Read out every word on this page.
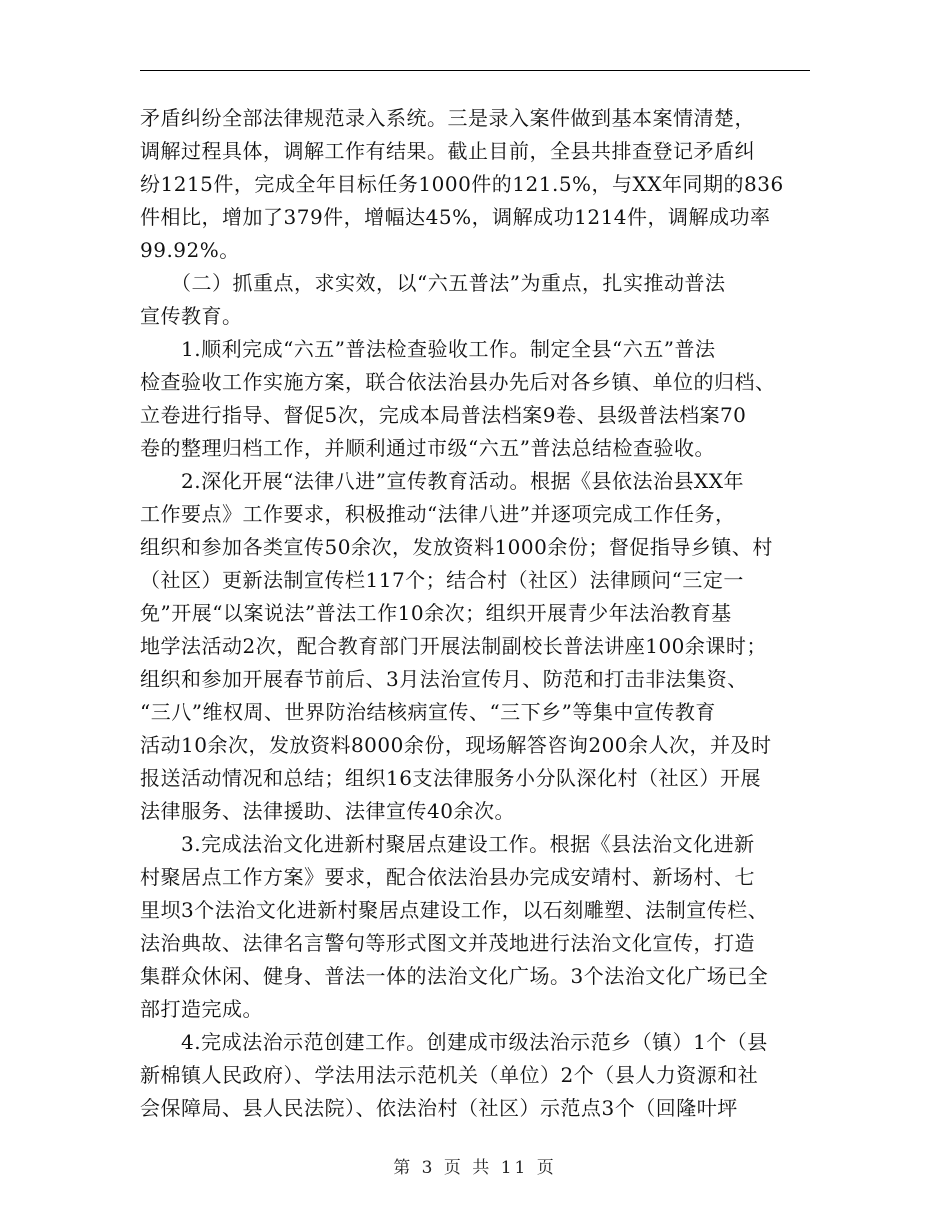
矛盾纠纷全部法律规范录入系统。三是录入案件做到基本案情清楚，
调解过程具体，调解工作有结果。截止目前，全县共排查登记矛盾纠
纷1215件，完成全年目标任务1000件的121.5%，与XX年同期的836
件相比，增加了379件，增幅达45%，调解成功1214件，调解成功率
99.92%。

　　（二）抓重点，求实效，以“六五普法”为重点，扎实推动普法
宣传教育。

　　1.顺利完成“六五”普法检查验收工作。制定全县“六五”普法
检查验收工作实施方案，联合依法治县办先后对各乡镇、单位的归档、
立卷进行指导、督促5次，完成本局普法档案9卷、县级普法档案70
卷的整理归档工作，并顺利通过市级“六五”普法总结检查验收。

　　2.深化开展“法律八进”宣传教育活动。根据《县依法治县XX年
工作要点》工作要求，积极推动“法律八进”并逐项完成工作任务，
组织和参加各类宣传50余次，发放资料1000余份；督促指导乡镇、村
（社区）更新法制宣传栏117个；结合村（社区）法律顾问“三定一
免”开展“以案说法”普法工作10余次；组织开展青少年法治教育基
地学法活动2次，配合教育部门开展法制副校长普法讲座100余课时；
组织和参加开展春节前后、3月法治宣传月、防范和打击非法集资、
“三八”维权周、世界防治结核病宣传、“三下乡”等集中宣传教育
活动10余次，发放资料8000余份，现场解答咨询200余人次，并及时
报送活动情况和总结；组织16支法律服务小分队深化村（社区）开展
法律服务、法律援助、法律宣传40余次。

　　3.完成法治文化进新村聚居点建设工作。根据《县法治文化进新
村聚居点工作方案》要求，配合依法治县办完成安靖村、新场村、七
里坝3个法治文化进新村聚居点建设工作，以石刻雕塑、法制宣传栏、
法治典故、法律名言警句等形式图文并茂地进行法治文化宣传，打造
集群众休闲、健身、普法一体的法治文化广场。3个法治文化广场已全
部打造完成。

　　4.完成法治示范创建工作。创建成市级法治示范乡（镇）1个（县
新棉镇人民政府）、学法用法示范机关（单位）2个（县人力资源和社
会保障局、县人民法院）、依法治村（社区）示范点3个（回隆叶坪

第 3 页 共 11 页
